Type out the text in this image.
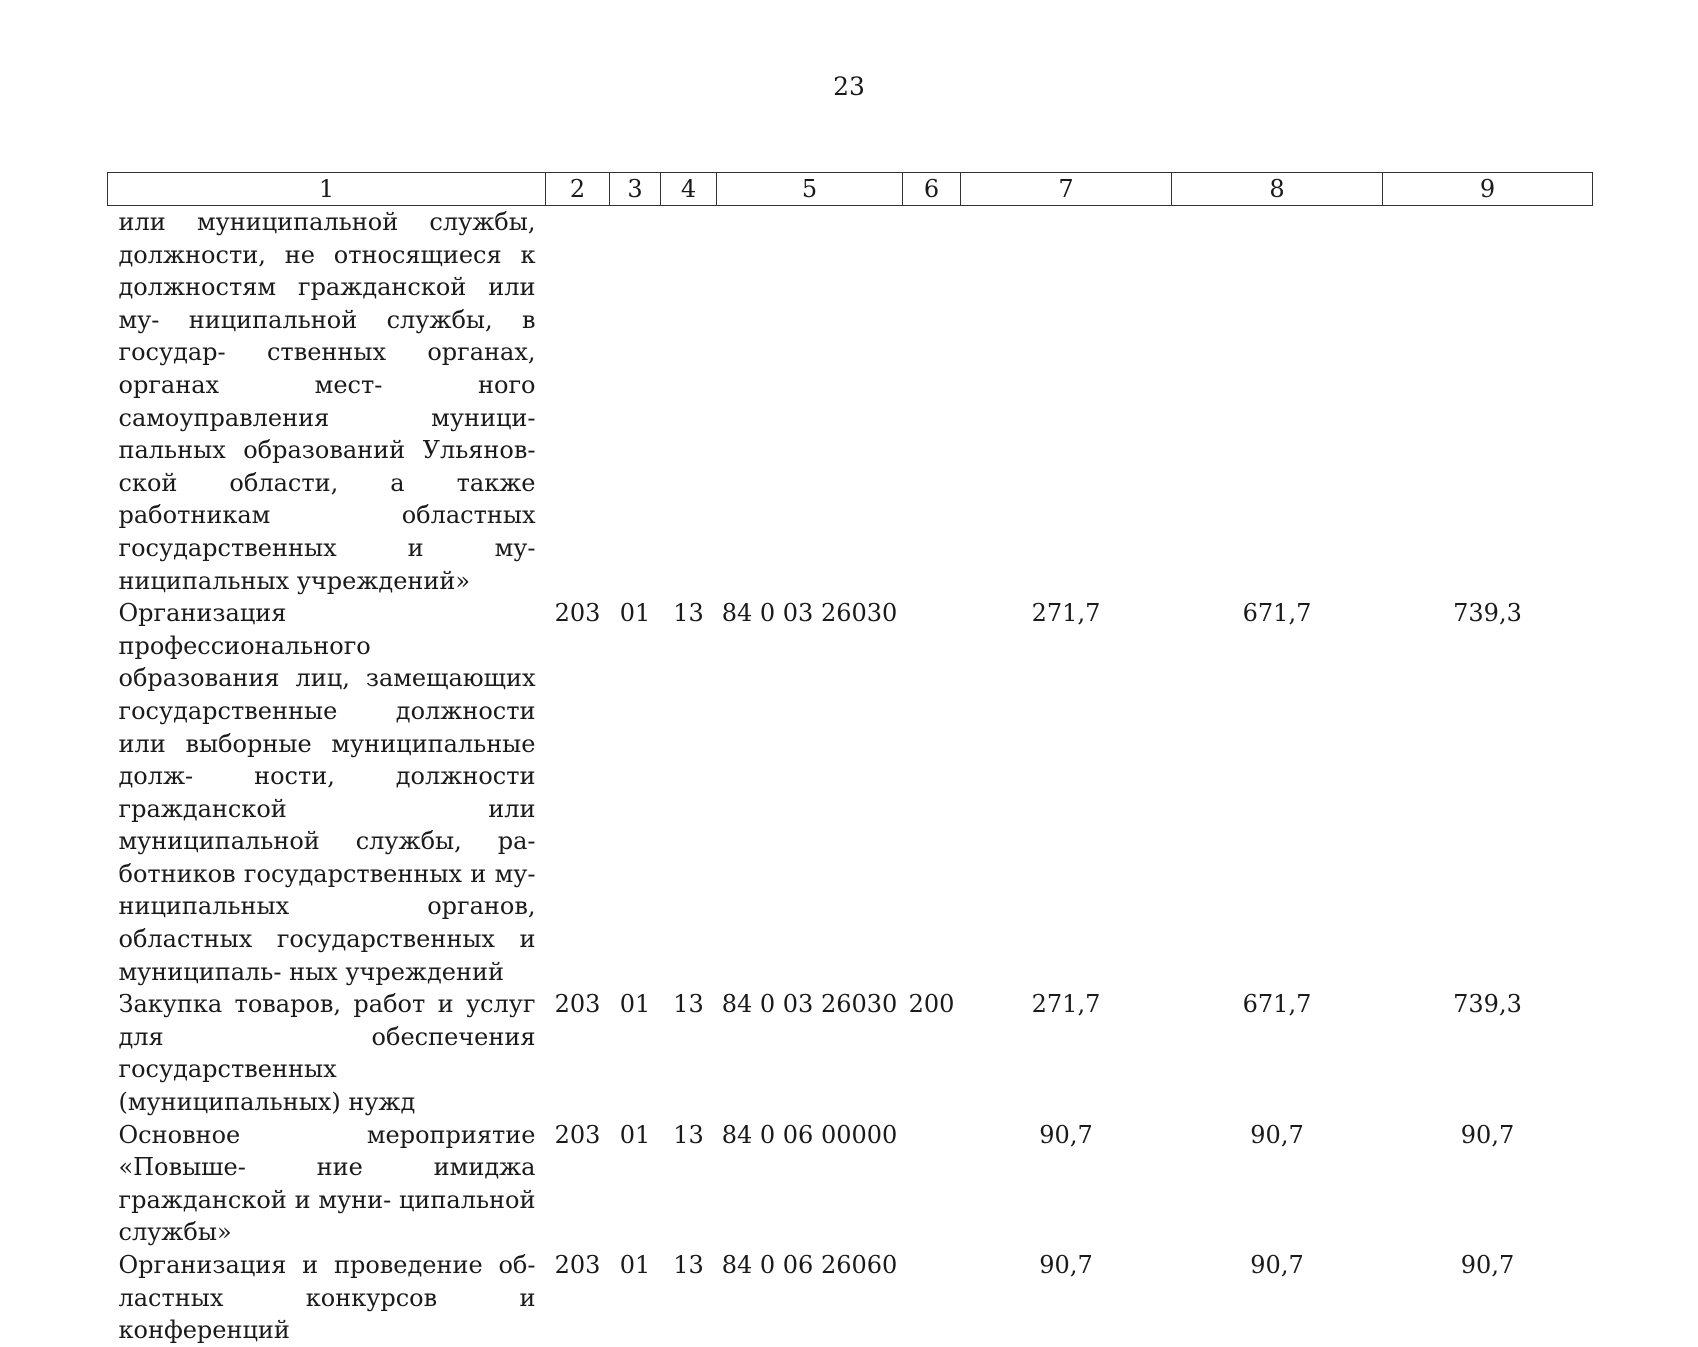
23
1	2	3	4	5	6	7	8	9
или муниципальной службы, должности, не относящиеся к должностям гражданской или му- ниципальной службы, в государ- ственных органах, органах мест- ного самоуправления муници- пальных образований Ульянов- ской области, а также работникам областных государственных и му- ниципальных учреждений»								
Организация профессионального образования лиц, замещающих государственные должности или выборные муниципальные долж- ности, должности гражданской или муниципальной службы, ра- ботников государственных и му- ниципальных органов, областных государственных и муниципаль- ных учреждений	203	01	13	84 0 03 26030		271,7	671,7	739,3
Закупка товаров, работ и услуг для обеспечения государственных (муниципальных) нужд	203	01	13	84 0 03 26030	200	271,7	671,7	739,3
Основное мероприятие «Повыше- ние имиджа гражданской и муни- ципальной службы»	203	01	13	84 0 06 00000		90,7	90,7	90,7
Организация и проведение об- ластных конкурсов и конференций	203	01	13	84 0 06 26060		90,7	90,7	90,7
